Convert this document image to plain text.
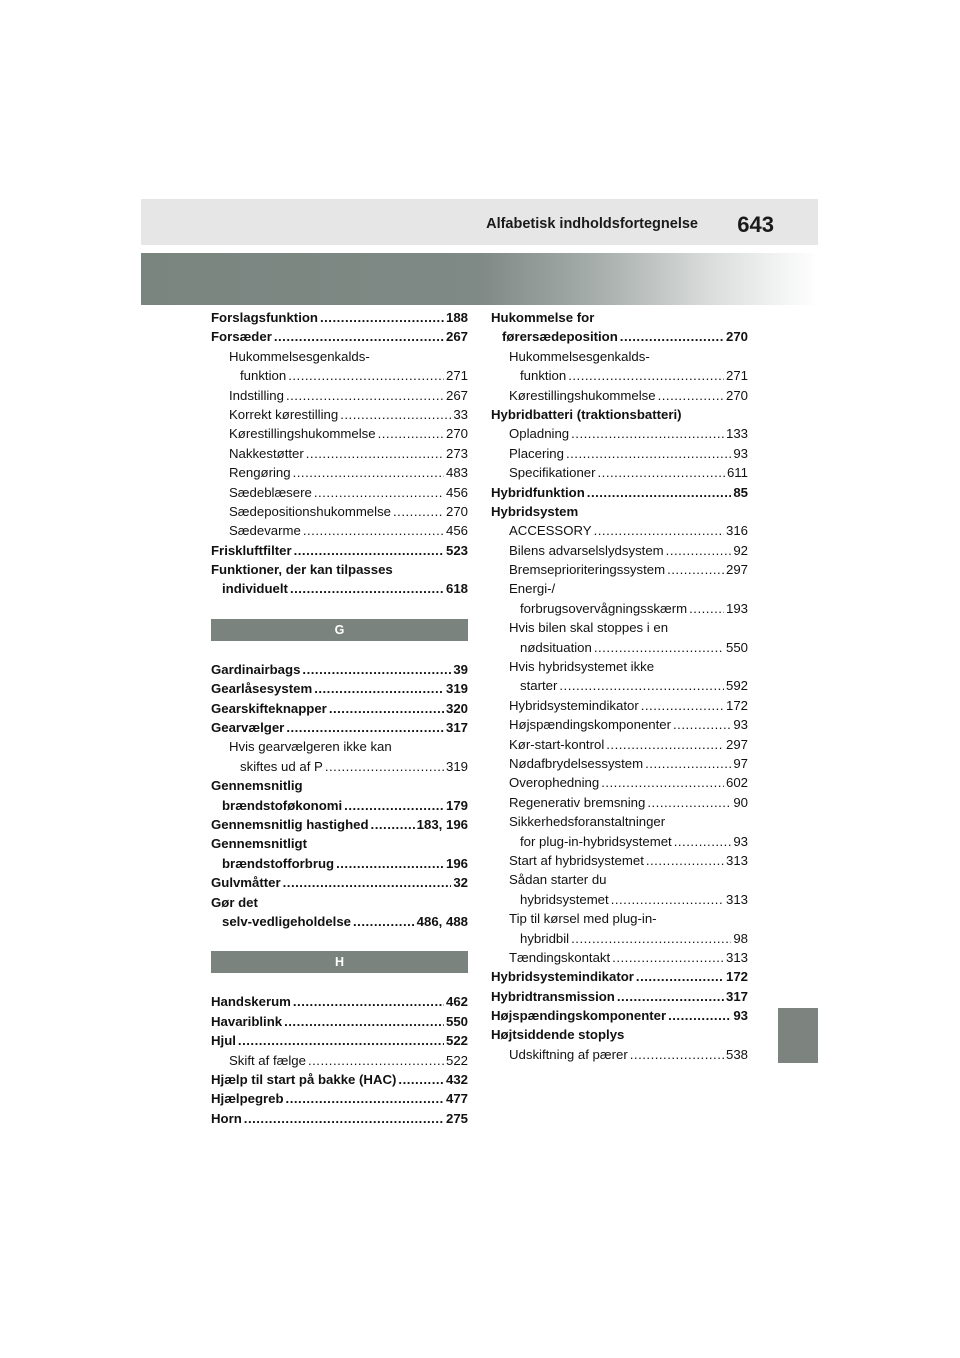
Alfabetisk indholdsfortegnelse 643
Forslagsfunktion .....	188
Forsæder .....	267
Hukommelsesgenkalds-
funktion .....	271
Indstilling .....	267
Korrekt kørestilling .....	33
Kørestillingshukommelse .....	270
Nakkestøtter .....	273
Rengøring .....	483
Sædeblæsere .....	456
Sædepositionshukommelse .....	270
Sædevarme .....	456
Friskluftfilter .....	523
Funktioner, der kan tilpasses
individuelt .....	618
G
Gardinairbags .....	39
Gearlåsesystem .....	319
Gearskifteknapper .....	320
Gearvælger .....	317
Hvis gearvælgeren ikke kan
skiftes ud af P .....	319
Gennemsnitlig
brændstoføkonomi .....	179
Gennemsnitlig hastighed .....	183, 196
Gennemsnitligt
brændstofforbrug .....	196
Gulvmåtter .....	32
Gør det
selv-vedligeholdelse .....	486, 488
H
Handskerum .....	462
Havariblink .....	550
Hjul .....	522
Skift af fælge .....	522
Hjælp til start på bakke (HAC) .....	432
Hjælpegreb .....	477
Horn .....	275
Hukommelse for
førersædeposition .....	270
Hukommelsesgenkalds-
funktion .....	271
Kørestillingshukommelse .....	270
Hybridbatteri (traktionsbatteri)
Opladning .....	133
Placering .....	93
Specifikationer .....	611
Hybridfunktion .....	85
Hybridsystem
ACCESSORY .....	316
Bilens advarselslydsystem .....	92
Bremseprioriteringssystem .....	297
Energi-/
forbrugsovervågningsskærm .....	193
Hvis bilen skal stoppes i en
nødsituation .....	550
Hvis hybridsystemet ikke
starter .....	592
Hybridsystemindikator .....	172
Højspændingskomponenter .....	93
Kør-start-kontrol .....	297
Nødafbrydelsessystem .....	97
Overophedning .....	602
Regenerativ bremsning .....	90
Sikkerhedsforanstaltninger
for plug-in-hybridsystemet .....	93
Start af hybridsystemet .....	313
Sådan starter du
hybridsystemet .....	313
Tip til kørsel med plug-in-
hybridbil .....	98
Tændingskontakt .....	313
Hybridsystemindikator .....	172
Hybridtransmission .....	317
Højspændingskomponenter .....	93
Højtsiddende stoplys
Udskiftning af pærer .....	538
